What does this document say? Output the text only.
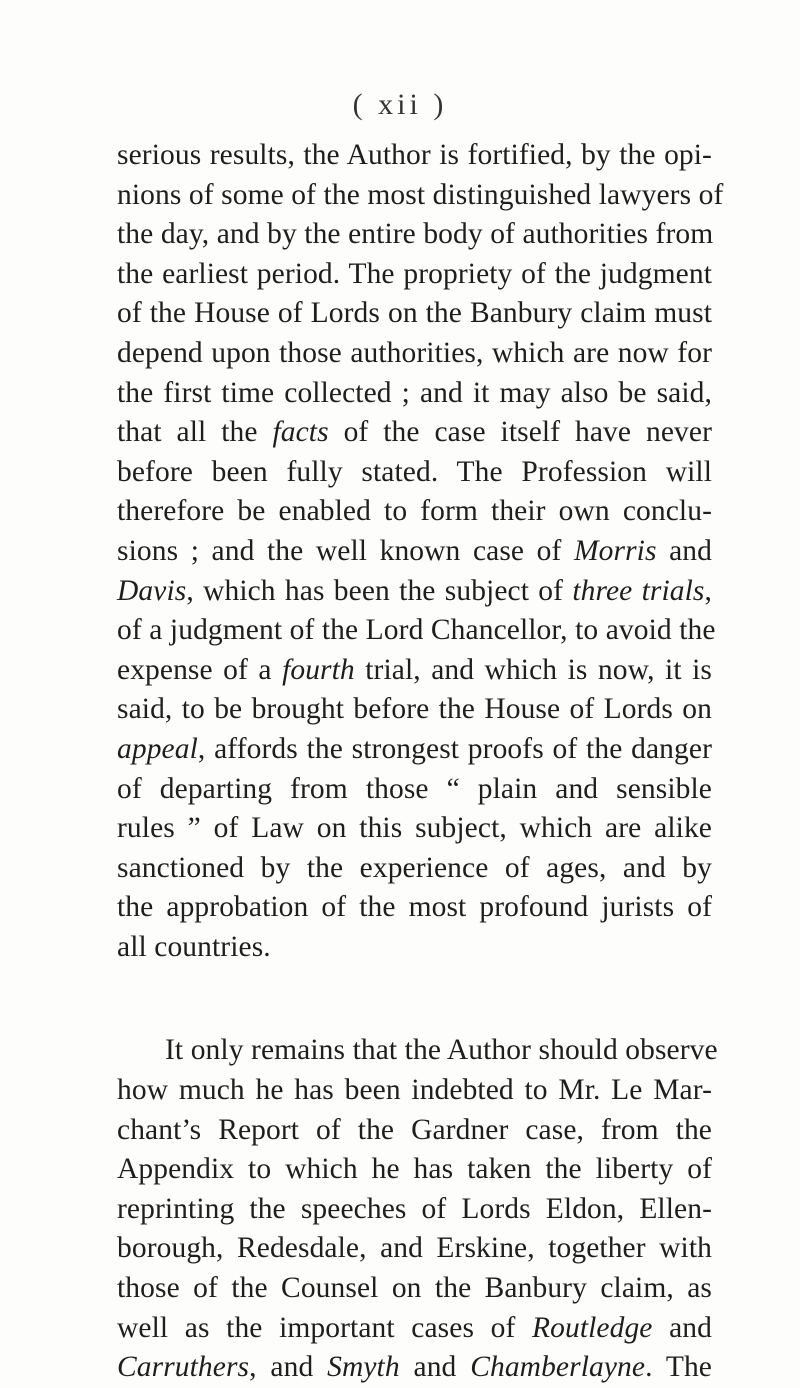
( xii )
serious results, the Author is fortified, by the opi-
nions of some of the most distinguished lawyers of
the day, and by the entire body of authorities from
the earliest period. The propriety of the judgment
of the House of Lords on the Banbury claim must
depend upon those authorities, which are now for
the first time collected ; and it may also be said,
that all the facts of the case itself have never
before been fully stated. The Profession will
therefore be enabled to form their own conclu-
sions ; and the well known case of Morris and
Davis, which has been the subject of three trials,
of a judgment of the Lord Chancellor, to avoid the
expense of a fourth trial, and which is now, it is
said, to be brought before the House of Lords on
appeal, affords the strongest proofs of the danger
of departing from those “ plain and sensible
rules ” of Law on this subject, which are alike
sanctioned by the experience of ages, and by
the approbation of the most profound jurists of
all countries.
It only remains that the Author should observe
how much he has been indebted to Mr. Le Mar-
chant’s Report of the Gardner case, from the
Appendix to which he has taken the liberty of
reprinting the speeches of Lords Eldon, Ellen-
borough, Redesdale, and Erskine, together with
those of the Counsel on the Banbury claim, as
well as the important cases of Routledge and
Carruthers, and Smyth and Chamberlayne. The
